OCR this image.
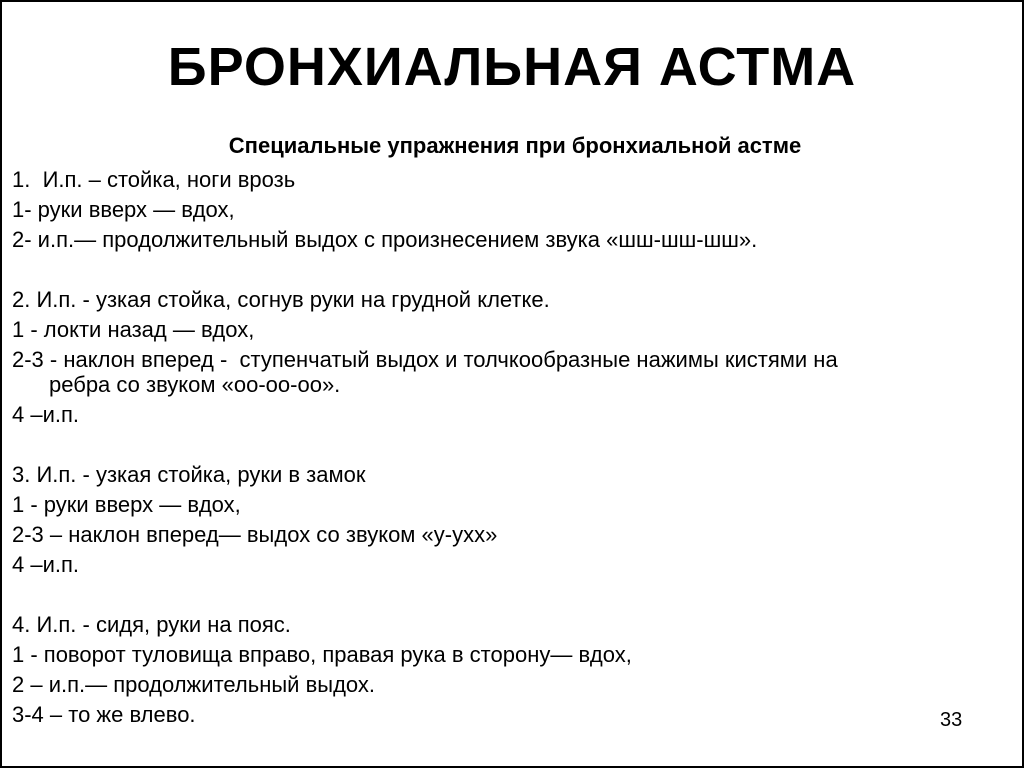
БРОНХИАЛЬНАЯ АСТМА
Специальные упражнения при бронхиальной астме
1.  И.п. – стойка, ноги врозь
1- руки вверх — вдох,
2- и.п.— продолжительный выдох с произнесением звука «шш-шш-шш».
2. И.п. - узкая стойка, согнув руки на грудной клетке.
1 - локти назад — вдох,
2-3 - наклон вперед -  ступенчатый выдох и толчкообразные нажимы кистями на
ребра со звуком «оо-оо-оо».
4 –и.п.
3. И.п. - узкая стойка, руки в замок
1 - руки вверх — вдох,
2-3 – наклон вперед— выдох со звуком «у-ухх»
4 –и.п.
4. И.п. - сидя, руки на пояс.
1 - поворот туловища вправо, правая рука в сторону— вдох,
2 – и.п.— продолжительный выдох.
3-4 – то же влево.	33
